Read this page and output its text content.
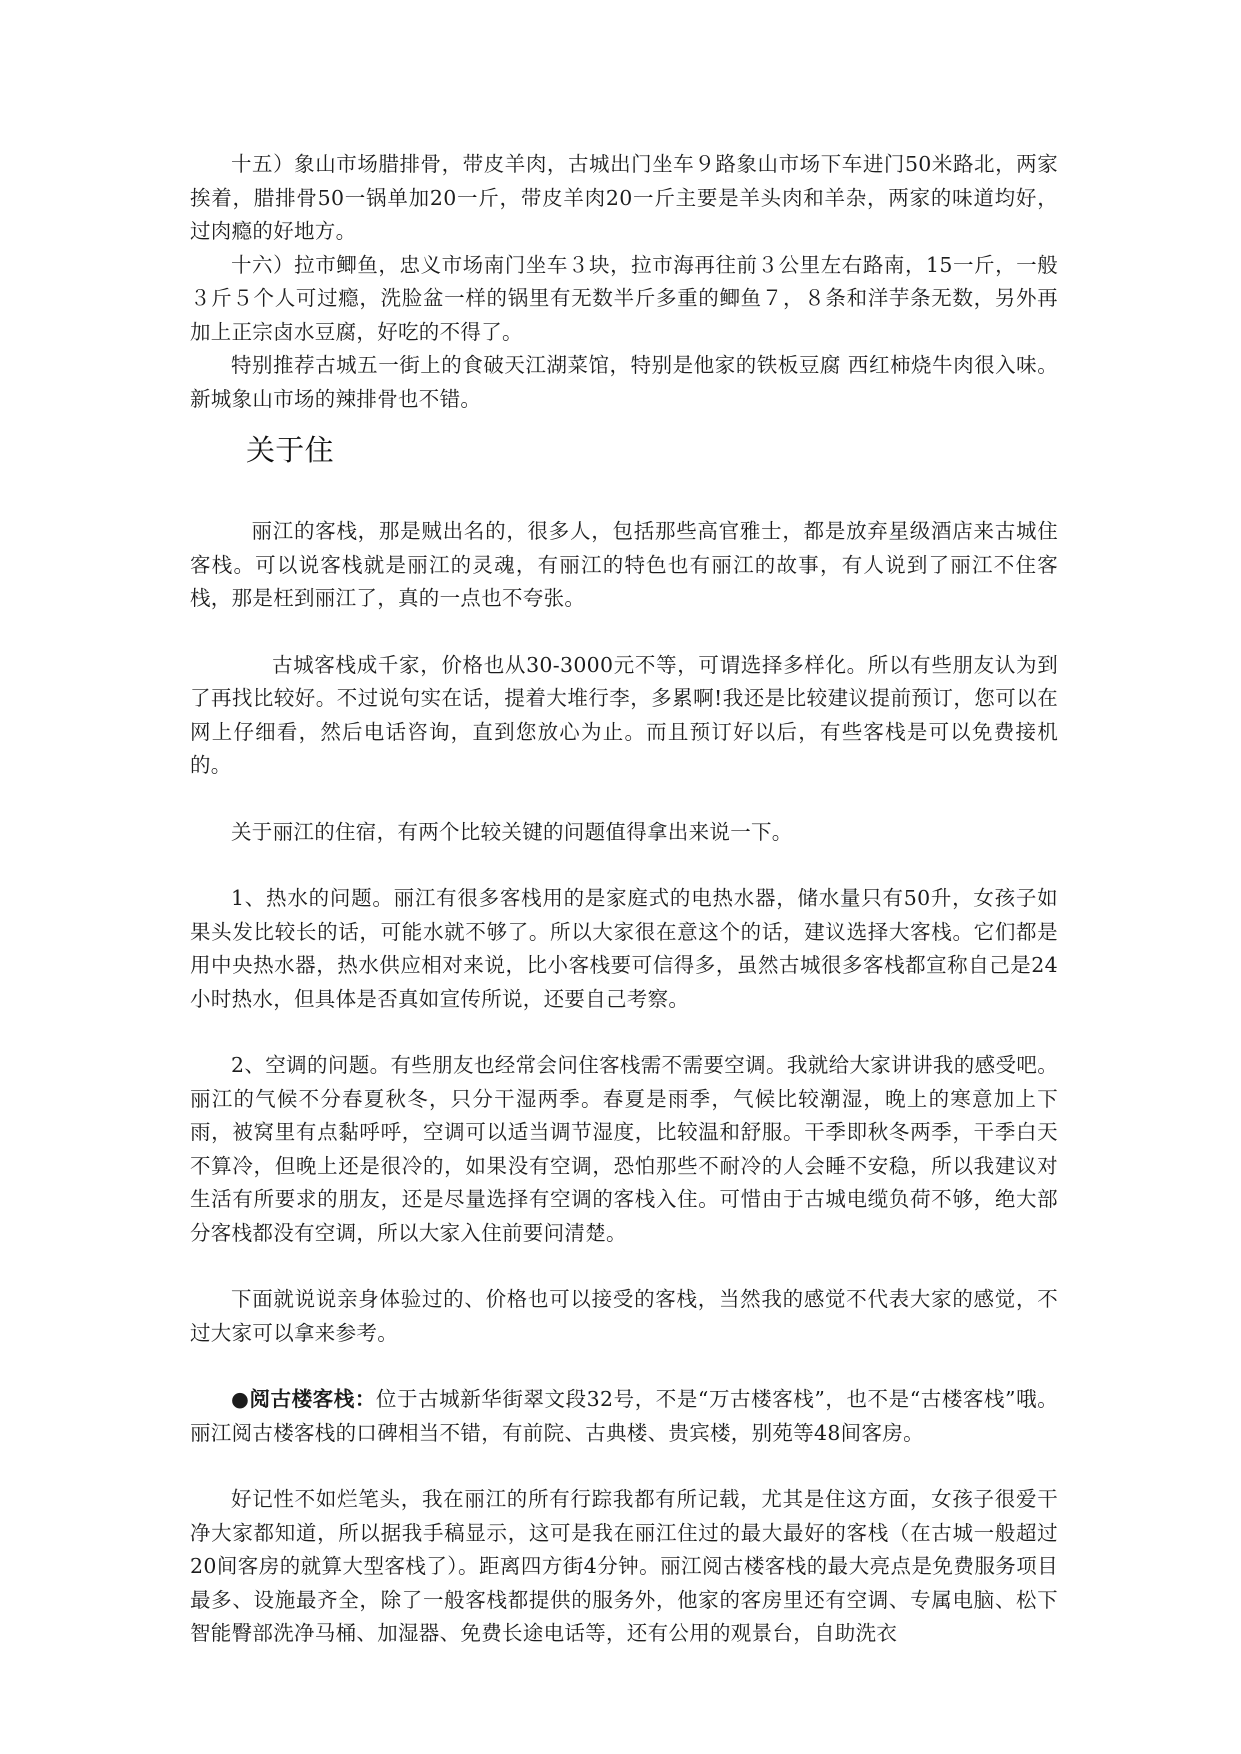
十五）象山市场腊排骨，带皮羊肉，古城出门坐车９路象山市场下车进门50米路北，两家挨着，腊排骨50一锅单加20一斤，带皮羊肉20一斤主要是羊头肉和羊杂，两家的味道均好，过肉瘾的好地方。

十六）拉市鲫鱼，忠义市场南门坐车３块，拉市海再往前３公里左右路南，15一斤，一般３斤５个人可过瘾，洗脸盆一样的锅里有无数半斤多重的鲫鱼７，８条和洋芋条无数，另外再加上正宗卤水豆腐，好吃的不得了。

特别推荐古城五一街上的食破天江湖菜馆，特别是他家的铁板豆腐 西红柿烧牛肉很入味。新城象山市场的辣排骨也不错。

关于住

丽江的客栈，那是贼出名的，很多人，包括那些高官雅士，都是放弃星级酒店来古城住客栈。可以说客栈就是丽江的灵魂，有丽江的特色也有丽江的故事，有人说到了丽江不住客栈，那是枉到丽江了，真的一点也不夸张。

古城客栈成千家，价格也从30-3000元不等，可谓选择多样化。所以有些朋友认为到了再找比较好。不过说句实在话，提着大堆行李，多累啊!我还是比较建议提前预订，您可以在网上仔细看，然后电话咨询，直到您放心为止。而且预订好以后，有些客栈是可以免费接机的。

关于丽江的住宿，有两个比较关键的问题值得拿出来说一下。

1、热水的问题。丽江有很多客栈用的是家庭式的电热水器，储水量只有50升，女孩子如果头发比较长的话，可能水就不够了。所以大家很在意这个的话，建议选择大客栈。它们都是用中央热水器，热水供应相对来说，比小客栈要可信得多，虽然古城很多客栈都宣称自己是24小时热水，但具体是否真如宣传所说，还要自己考察。

2、空调的问题。有些朋友也经常会问住客栈需不需要空调。我就给大家讲讲我的感受吧。丽江的气候不分春夏秋冬，只分干湿两季。春夏是雨季，气候比较潮湿，晚上的寒意加上下雨，被窝里有点黏呼呼，空调可以适当调节湿度，比较温和舒服。干季即秋冬两季，干季白天不算冷，但晚上还是很冷的，如果没有空调，恐怕那些不耐冷的人会睡不安稳，所以我建议对生活有所要求的朋友，还是尽量选择有空调的客栈入住。可惜由于古城电缆负荷不够，绝大部分客栈都没有空调，所以大家入住前要问清楚。

下面就说说亲身体验过的、价格也可以接受的客栈，当然我的感觉不代表大家的感觉，不过大家可以拿来参考。

●阅古楼客栈：位于古城新华街翠文段32号，不是“万古楼客栈”，也不是“古楼客栈”哦。丽江阅古楼客栈的口碑相当不错，有前院、古典楼、贵宾楼，别苑等48间客房。

好记性不如烂笔头，我在丽江的所有行踪我都有所记载，尤其是住这方面，女孩子很爱干净大家都知道，所以据我手稿显示，这可是我在丽江住过的最大最好的客栈（在古城一般超过20间客房的就算大型客栈了）。距离四方街4分钟。丽江阅古楼客栈的最大亮点是免费服务项目最多、设施最齐全，除了一般客栈都提供的服务外，他家的客房里还有空调、专属电脑、松下智能臀部洗净马桶、加湿器、免费长途电话等，还有公用的观景台，自助洗衣
